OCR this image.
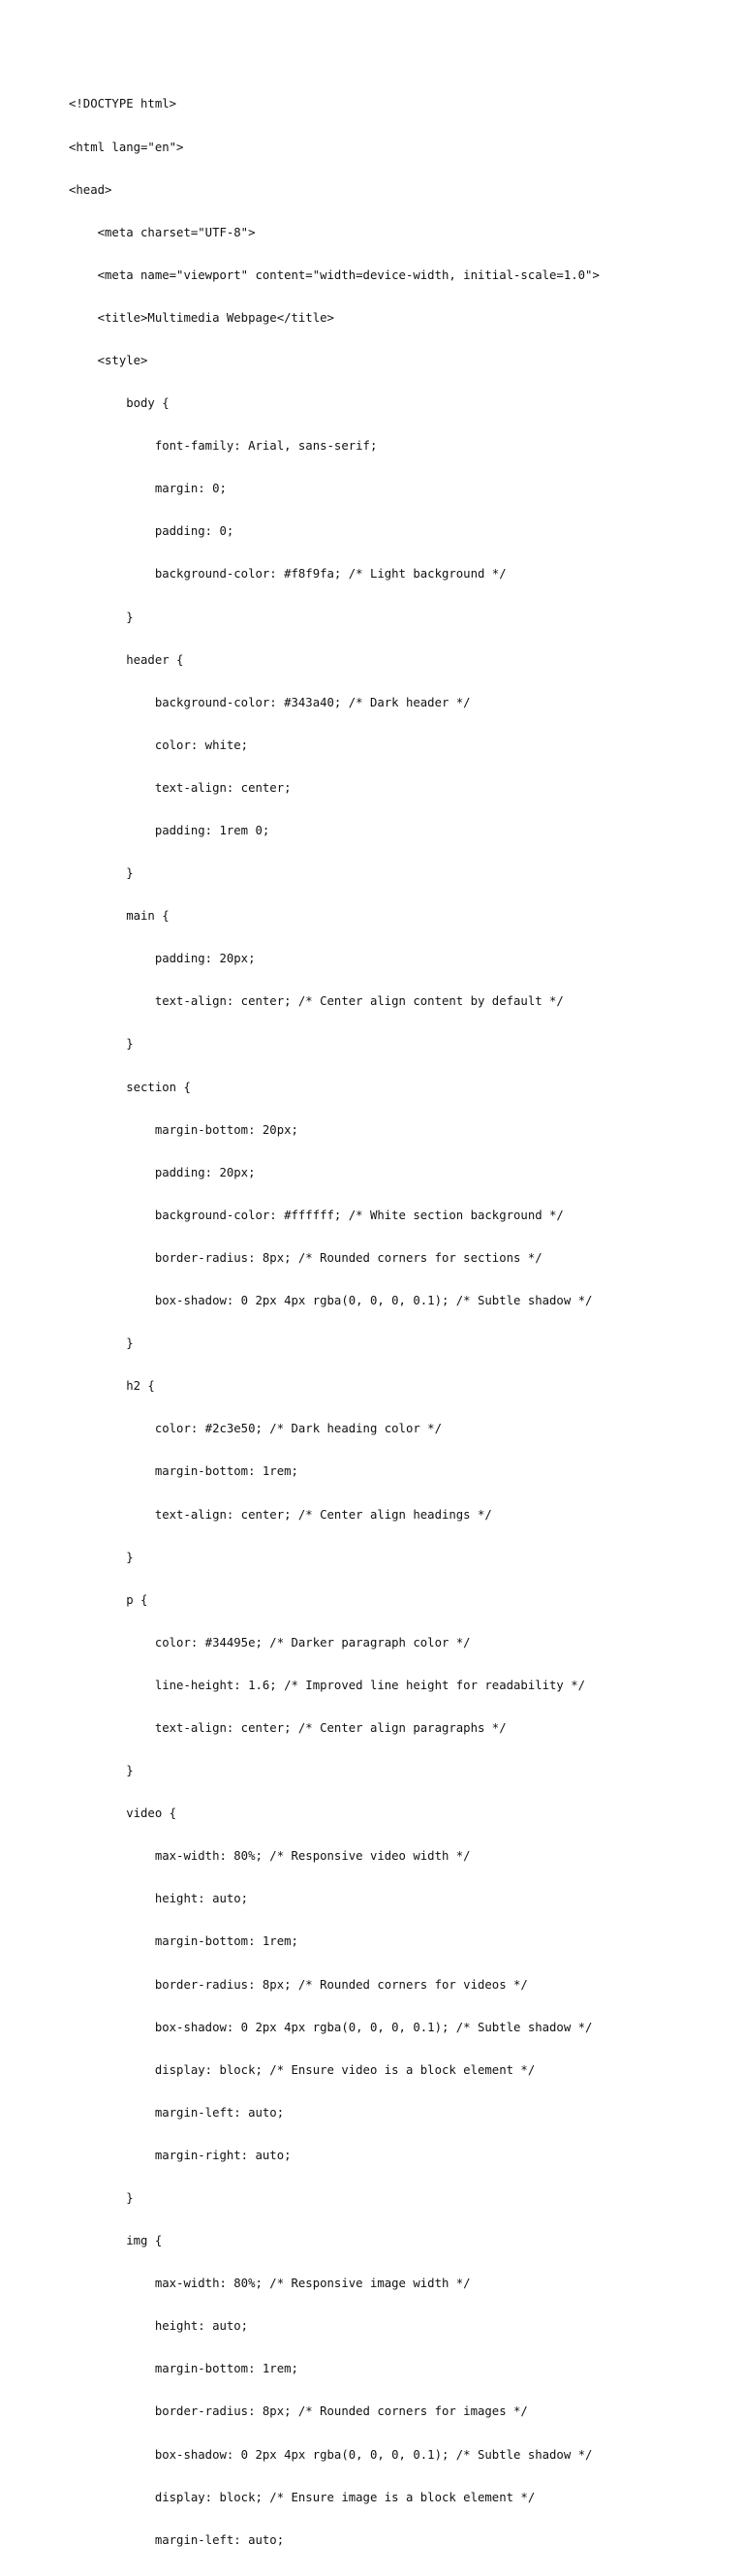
<!DOCTYPE html>

<html lang="en">

<head>

<meta charset="UTF-8">

<meta name="viewport" content="width=device-width, initial-scale=1.0">

<title>Multimedia Webpage</title>

<style>

body {

font-family: Arial, sans-serif;

margin: 0;

padding: 0;

background-color: #f8f9fa; /* Light background */

}

header {

background-color: #343a40; /* Dark header */

color: white;

text-align: center;

padding: 1rem 0;

}

main {

padding: 20px;

text-align: center; /* Center align content by default */

}

section {

margin-bottom: 20px;

padding: 20px;

background-color: #ffffff; /* White section background */

border-radius: 8px; /* Rounded corners for sections */

box-shadow: 0 2px 4px rgba(0, 0, 0, 0.1); /* Subtle shadow */

}

h2 {

color: #2c3e50; /* Dark heading color */

margin-bottom: 1rem;

text-align: center; /* Center align headings */

}

p {

color: #34495e; /* Darker paragraph color */

line-height: 1.6; /* Improved line height for readability */

text-align: center; /* Center align paragraphs */

}

video {

max-width: 80%; /* Responsive video width */

height: auto;

margin-bottom: 1rem;

border-radius: 8px; /* Rounded corners for videos */

box-shadow: 0 2px 4px rgba(0, 0, 0, 0.1); /* Subtle shadow */

display: block; /* Ensure video is a block element */

margin-left: auto;

margin-right: auto;

}

img {

max-width: 80%; /* Responsive image width */

height: auto;

margin-bottom: 1rem;

border-radius: 8px; /* Rounded corners for images */

box-shadow: 0 2px 4px rgba(0, 0, 0, 0.1); /* Subtle shadow */

display: block; /* Ensure image is a block element */

margin-left: auto;
